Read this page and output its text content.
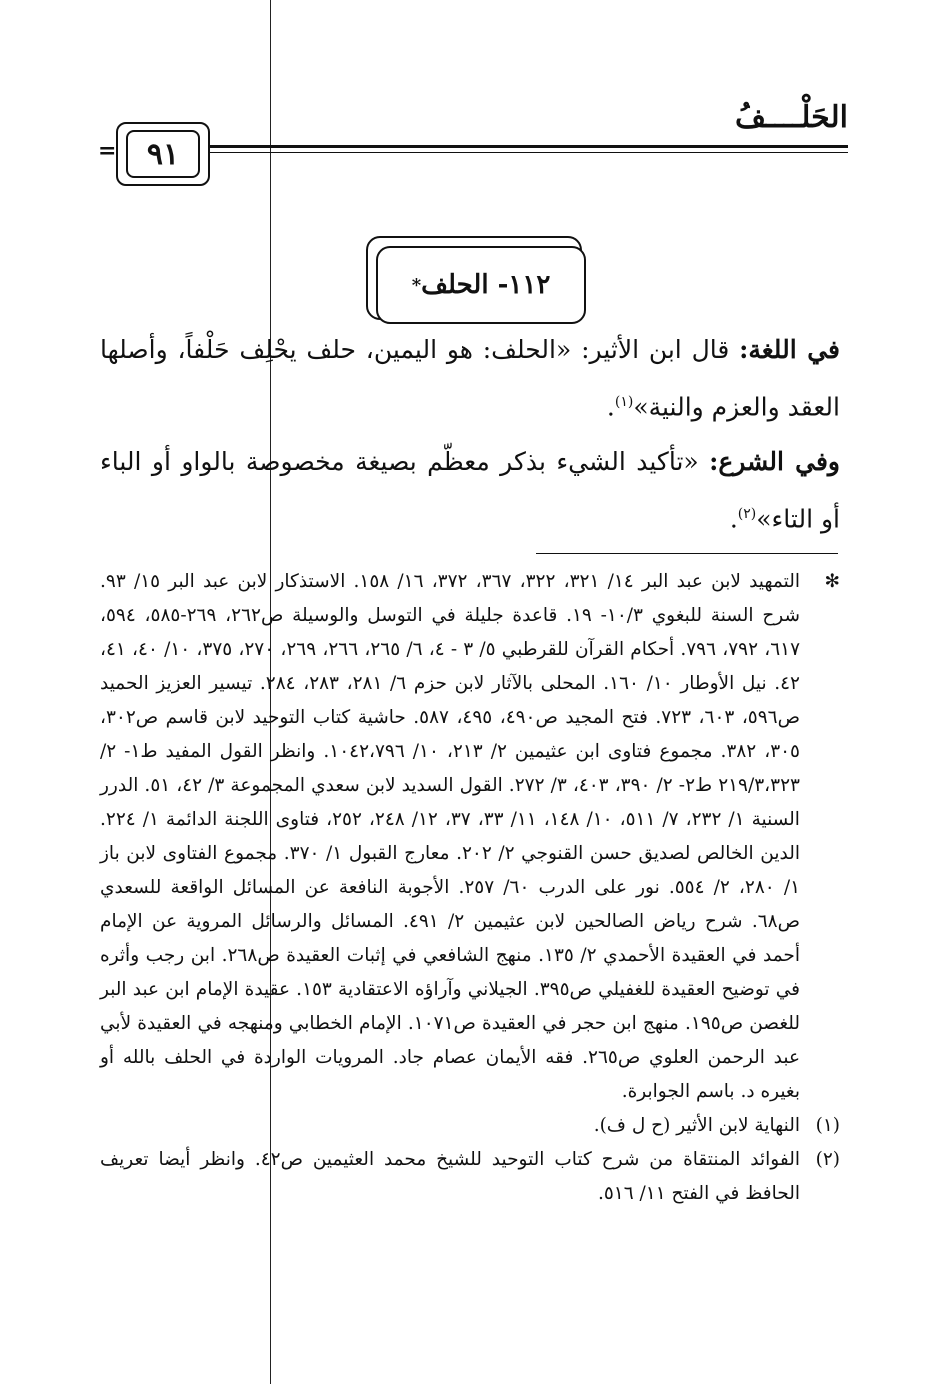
الحَلْــــفُ
=	٩١
١١٢- الحلف
*
في اللغة: قال ابن الأثير: «الحلف: هو اليمين، حلف يحْلِف حَلْفاً، وأصلها العقد والعزم والنية»$^{(١)}$.
وفي الشرع: «تأكيد الشيء بذكر معظّم بصيغة مخصوصة بالواو أو الباء أو التاء»$^{(٢)}$.
✻
التمهيد لابن عبد البر ١٤/ ٣٢١، ٣٢٢، ٣٦٧، ٣٧٢، ١٦/ ١٥٨. الاستذكار لابن عبد البر ١٥/ ٩٣. شرح السنة للبغوي ١٠/٣- ١٩. قاعدة جليلة في التوسل والوسيلة ص٢٦٢، ٢٦٩-٥٨٥، ٥٩٤، ٦١٧، ٧٩٢، ٧٩٦. أحكام القرآن للقرطبي ٥/ ٣ - ٤، ٦/ ٢٦٥، ٢٦٦، ٢٦٩، ٢٧٠، ٣٧٥، ١٠/ ٤٠، ٤١، ٤٢. نيل الأوطار ١٠/ ١٦٠. المحلى بالآثار لابن حزم ٦/ ٢٨١، ٢٨٣، ٢٨٤. تيسير العزيز الحميد ص٥٩٦، ٦٠٣، ٧٢٣. فتح المجيد ص٤٩٠، ٤٩٥، ٥٨٧. حاشية كتاب التوحيد لابن قاسم ص٣٠٢، ٣٠٥، ٣٨٢. مجموع فتاوى ابن عثيمين ٢/ ٢١٣، ١٠/ ١٠٤٢،٧٩٦. وانظر القول المفيد ط١- ٢/ ٢١٩/٣،٣٢٣ ط٢- ٢/ ٣٩٠، ٤٠٣، ٣/ ٢٧٢. القول السديد لابن سعدي المجموعة ٣/ ٤٢، ٥١. الدرر السنية ١/ ٢٣٢، ٧/ ٥١١، ١٠/ ١٤٨، ١١/ ٣٣، ٣٧، ١٢/ ٢٤٨، ٢٥٢، فتاوى اللجنة الدائمة ١/ ٢٢٤. الدين الخالص لصديق حسن القنوجي ٢/ ٢٠٢. معارج القبول ١/ ٣٧٠. مجموع الفتاوى لابن باز ١/ ٢٨٠، ٢/ ٥٥٤. نور على الدرب ٦٠/ ٢٥٧. الأجوبة النافعة عن المسائل الواقعة للسعدي ص٦٨. شرح رياض الصالحين لابن عثيمين ٢/ ٤٩١. المسائل والرسائل المروية عن الإمام أحمد في العقيدة الأحمدي ٢/ ١٣٥. منهج الشافعي في إثبات العقيدة ص٢٦٨. ابن رجب وأثره في توضيح العقيدة للغفيلي ص٣٩٥. الجيلاني وآراؤه الاعتقادية ١٥٣. عقيدة الإمام ابن عبد البر للغصن ص١٩٥. منهج ابن حجر في العقيدة ص١٠٧١. الإمام الخطابي ومنهجه في العقيدة لأبي عبد الرحمن العلوي ص٢٦٥. فقه الأيمان عصام جاد. المرويات الواردة في الحلف بالله أو بغيره د. باسم الجوابرة.
(١)
النهاية لابن الأثير (ح ل ف).
(٢)
الفوائد المنتقاة من شرح كتاب التوحيد للشيخ محمد العثيمين ص٤٢. وانظر أيضا تعريف الحافظ في الفتح ١١/ ٥١٦.
